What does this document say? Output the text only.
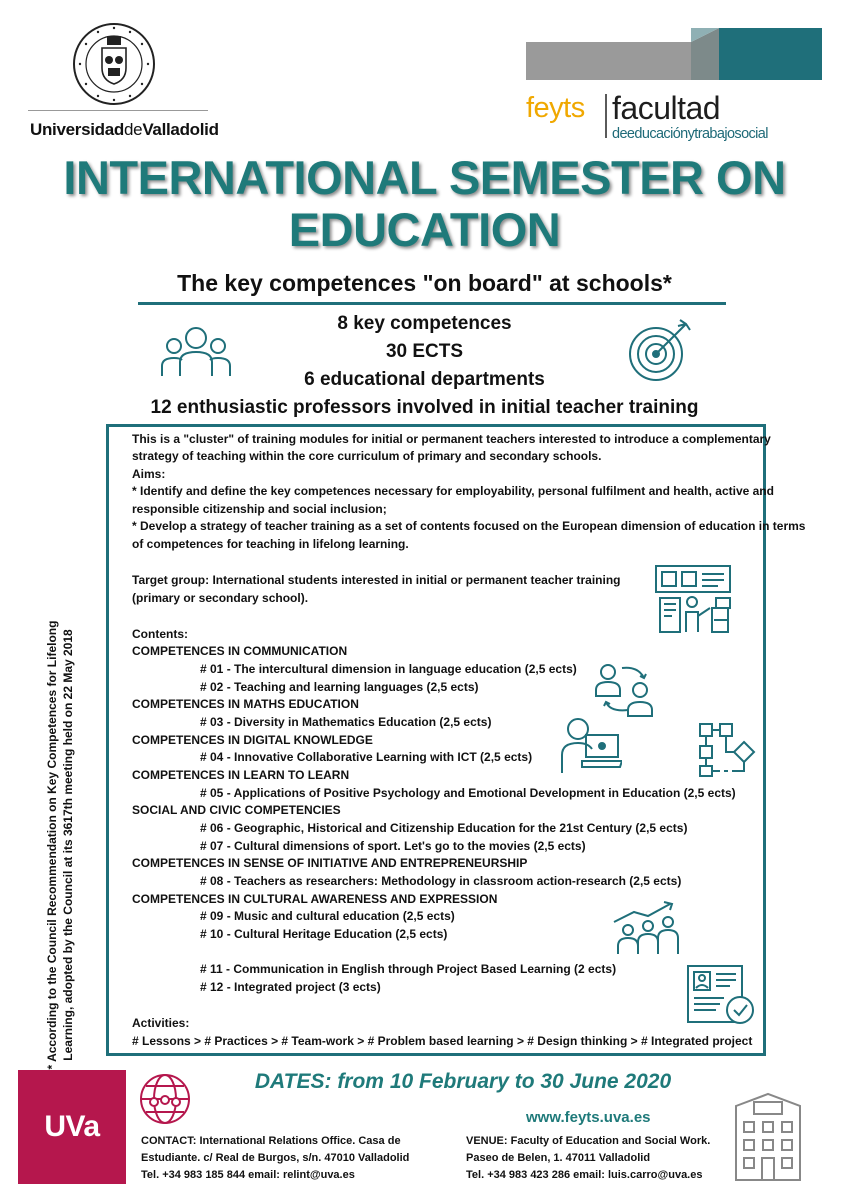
UniversidaddeValladolid
feyts facultad
deeducaciónytrabajosocial
INTERNATIONAL SEMESTER ON
EDUCATION
The key competences "on board" at schools*
8 key competences
30 ECTS
6 educational departments
12 enthusiastic professors involved in initial teacher training
This is a "cluster" of training modules for initial or permanent teachers interested to introduce a complementary
strategy of teaching within the core curriculum of primary and secondary schools.
Aims:
* Identify and define the key competences necessary for employability, personal fulfilment and health, active and
responsible citizenship and social inclusion;
* Develop a strategy of teacher training as a set of contents focused on the European dimension of education in terms
of competences for teaching in lifelong learning.
Target group: International students interested in initial or permanent teacher training
(primary or secondary school).
Contents:
COMPETENCES IN COMMUNICATION
# 01 - The intercultural dimension in language education (2,5 ects)
# 02 - Teaching and learning languages (2,5 ects)
COMPETENCES IN MATHS EDUCATION
# 03 - Diversity in Mathematics Education (2,5 ects)
COMPETENCES IN DIGITAL KNOWLEDGE
# 04 - Innovative Collaborative Learning with ICT (2,5 ects)
COMPETENCES IN LEARN TO LEARN
# 05 - Applications of Positive Psychology and Emotional Development in Education (2,5 ects)
SOCIAL AND CIVIC COMPETENCIES
# 06 - Geographic, Historical and Citizenship Education for the 21st Century (2,5 ects)
# 07 - Cultural dimensions of sport. Let's go to the movies (2,5 ects)
COMPETENCES IN SENSE OF INITIATIVE AND ENTREPRENEURSHIP
# 08 - Teachers as researchers: Methodology in classroom action-research (2,5 ects)
COMPETENCES IN CULTURAL AWARENESS AND EXPRESSION
# 09 - Music and cultural education (2,5 ects)
# 10 - Cultural Heritage Education (2,5 ects)
# 11 - Communication in English through Project Based Learning (2 ects)
# 12 - Integrated project (3 ects)
Activities:
# Lessons > # Practices > # Team-work > # Problem based learning > # Design thinking > # Integrated project
* According to the Council Recommendation on Key Competences for Lifelong Learning, adopted by the Council at its 3617th meeting held on 22 May 2018
UVa
DATES: from 10 February to 30 June 2020
www.feyts.uva.es
CONTACT: International Relations Office. Casa de
Estudiante. c/ Real de Burgos, s/n. 47010 Valladolid
Tel. +34 983 185 844 email: relint@uva.es
VENUE: Faculty of Education and Social Work.
Paseo de Belen, 1. 47011 Valladolid
Tel. +34 983 423 286 email: luis.carro@uva.es
